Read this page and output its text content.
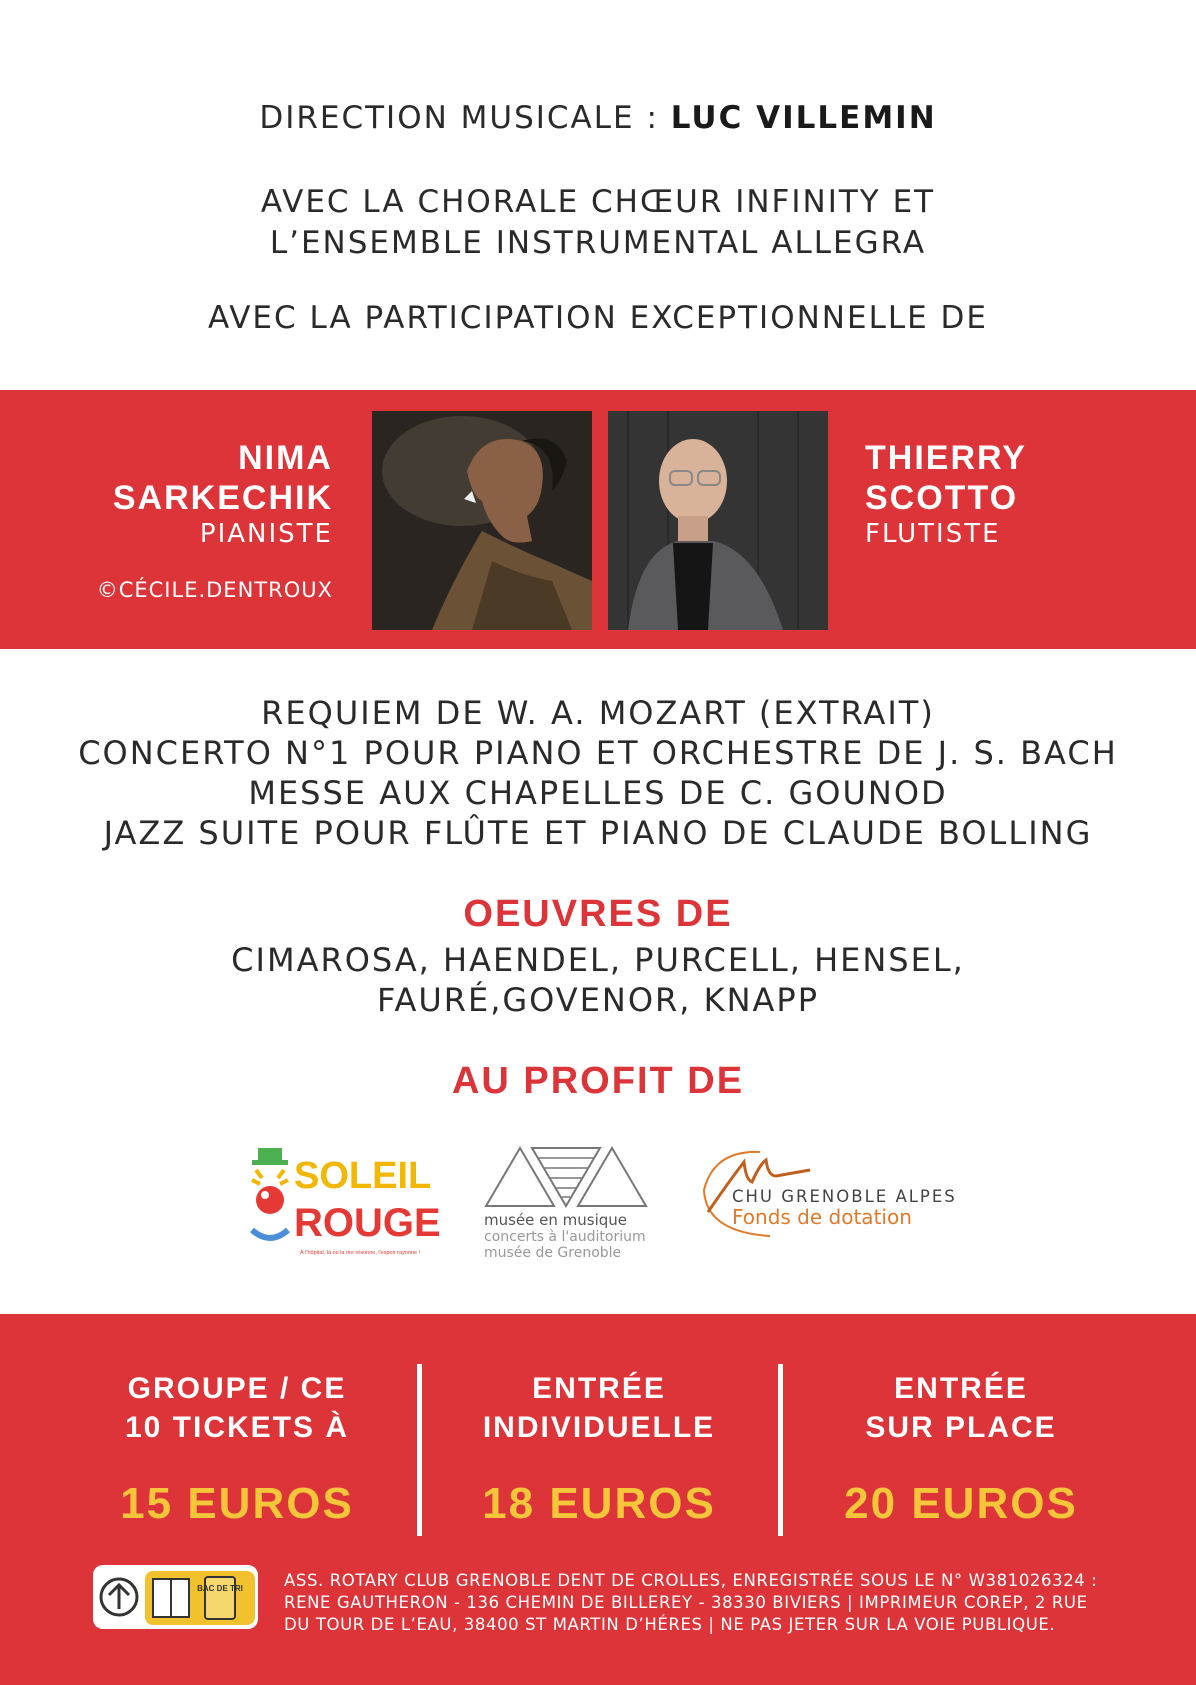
DIRECTION MUSICALE : LUC VILLEMIN
AVEC LA CHORALE CHŒUR INFINITY ET
L’ENSEMBLE INSTRUMENTAL ALLEGRA
AVEC LA PARTICIPATION EXCEPTIONNELLE DE
NIMA
SARKECHIK
PIANISTE
©CÉCILE.DENTROUX
THIERRY
SCOTTO
FLUTISTE
REQUIEM DE W. A. MOZART (EXTRAIT)
CONCERTO N°1 POUR PIANO ET ORCHESTRE DE J. S. BACH
MESSE AUX CHAPELLES DE C. GOUNOD
JAZZ SUITE POUR FLÛTE ET PIANO DE CLAUDE BOLLING
OEUVRES DE
CIMAROSA, HAENDEL, PURCELL, HENSEL,
FAURÉ,GOVENOR, KNAPP
AU PROFIT DE
SOLEIL
ROUGE
À l'hôpital, là où la rire résonne, l'espoir rayonne !
musée en musique
concerts à l'auditorium
musée de Grenoble
CHU GRENOBLE ALPES
Fonds de dotation
GROUPE / CE
10 TICKETS À
15 EUROS
ENTRÉE
INDIVIDUELLE
18 EUROS
ENTRÉE
SUR PLACE
20 EUROS
BAC DE TRI ASS. ROTARY CLUB GRENOBLE DENT DE CROLLES, ENREGISTRÉE SOUS LE N° W381026324 :
RENE GAUTHERON - 136 CHEMIN DE BILLEREY - 38330 BIVIERS | IMPRIMEUR COREP, 2 RUE
DU TOUR DE L’EAU, 38400 ST MARTIN D’HÉRES | NE PAS JETER SUR LA VOIE PUBLIQUE.
